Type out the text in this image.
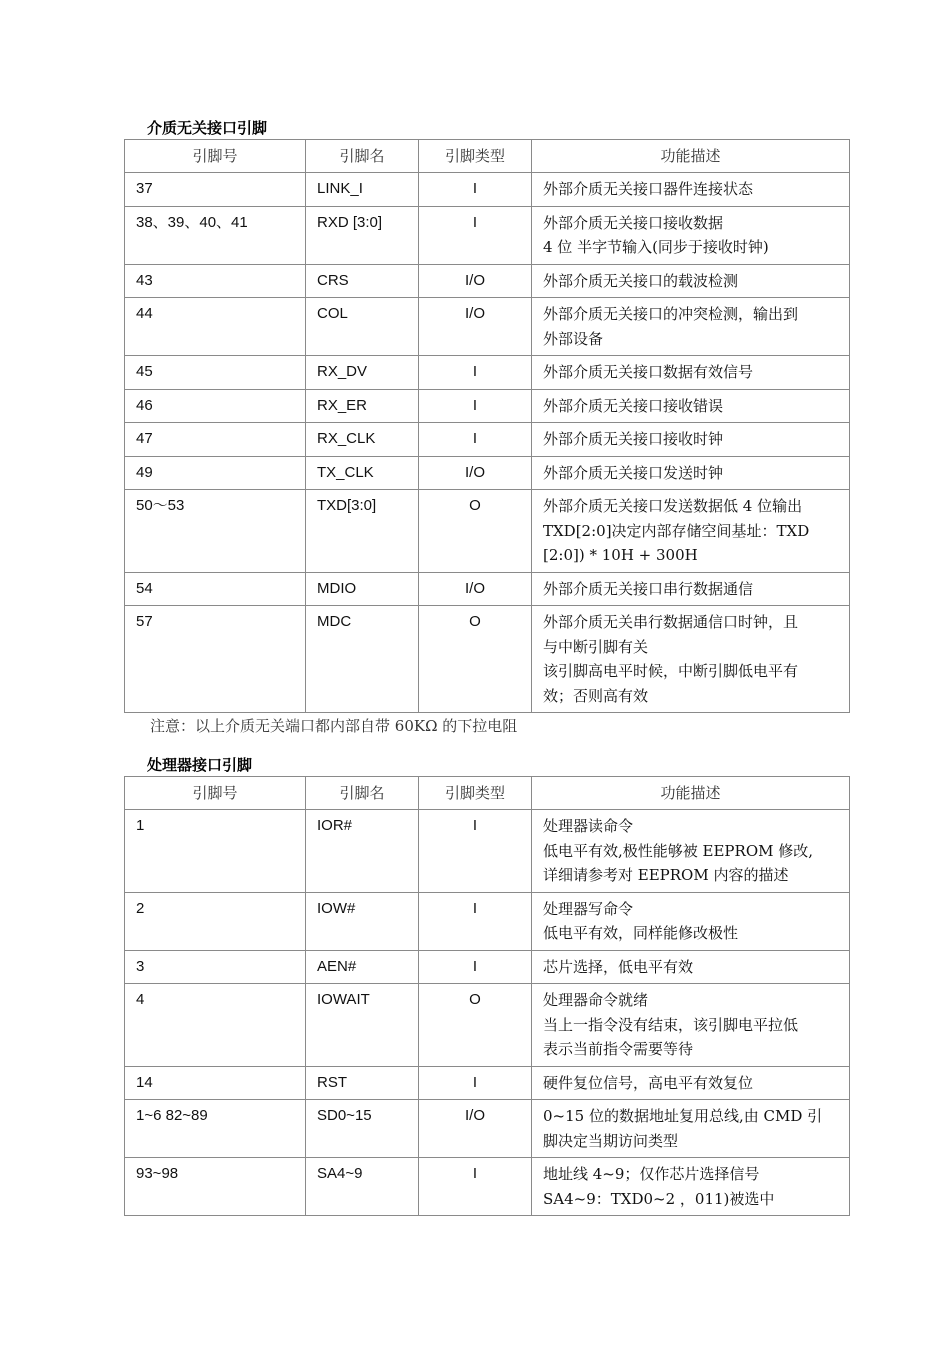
介质无关接口引脚
引脚号	引脚名	引脚类型	功能描述
37	LINK_I	I	外部介质无关接口器件连接状态

38、39、40、41	RXD [3:0]	I	外部介质无关接口接收数据
4 位 半字节输入(同步于接收时钟)

43	CRS	I/O	外部介质无关接口的载波检测

44	COL	I/O	外部介质无关接口的冲突检测，输出到
外部设备

45	RX_DV	I	外部介质无关接口数据有效信号

46	RX_ER	I	外部介质无关接口接收错误

47	RX_CLK	I	外部介质无关接口接收时钟

49	TX_CLK	I/O	外部介质无关接口发送时钟

50～53	TXD[3:0]	O	外部介质无关接口发送数据低 4 位输出
TXD[2:0]决定内部存储空间基址：TXD
[2:0]) * 10H + 300H

54	MDIO	I/O	外部介质无关接口串行数据通信

57	MDC	O	外部介质无关串行数据通信口时钟，且
与中断引脚有关
该引脚高电平时候，中断引脚低电平有
效；否则高有效
注意：以上介质无关端口都内部自带 60KΩ 的下拉电阻
处理器接口引脚
引脚号	引脚名	引脚类型	功能描述
1	IOR#	I	处理器读命令
低电平有效,极性能够被 EEPROM 修改,
详细请参考对 EEPROM 内容的描述

2	IOW#	I	处理器写命令
低电平有效，同样能修改极性

3	AEN#	I	芯片选择，低电平有效

4	IOWAIT	O	处理器命令就绪
当上一指令没有结束，该引脚电平拉低
表示当前指令需要等待

14	RST	I	硬件复位信号，高电平有效复位

1~6 82~89	SD0~15	I/O	0~15 位的数据地址复用总线,由 CMD 引
脚决定当期访问类型

93~98	SA4~9	I	地址线 4~9；仅作芯片选择信号
SA4~9：TXD0~2 ，011)被选中
